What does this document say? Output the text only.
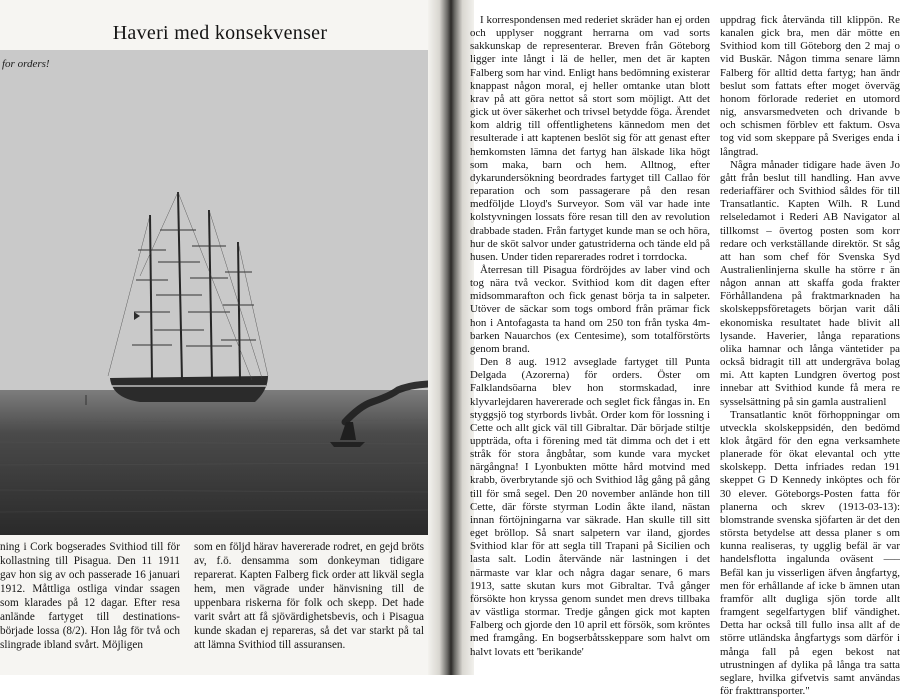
Haveri med konsekvenser
for orders!

ning i Cork bogserades Svithiod till för kollastning till Pisagua. Den 11 1911 gav hon sig av och passerade 16 januari 1912. Måttliga ostliga vindar ssagen som klarades på 12 dagar. Efter resa anlände fartyget till destinations- började lossa (8/2). Hon låg för två och slingrade ibland svårt. Möjligen

som en följd härav havererade rodret, en gejd bröts av, f.ö. densamma som donkeyman tidigare reparerat. Kapten Falberg fick order att likväl segla hem, men vägrade under hänvisning till de uppenbara riskerna för folk och skepp. Det hade varit svårt att få sjövärdighetsbevis, och i Pisagua kunde skadan ej repareras, så det var starkt på tal att lämna Svithiod till assuransen.

I korrespondensen med rederiet skräder han ej orden och upplyser noggrant herrarna om vad sorts sakkunskap de representerar. Breven från Göteborg ligger inte långt i lä de heller, men det är kapten Falberg som har vind. Enligt hans bedömning existerar knappast någon moral, ej heller omtanke utan blott krav på att göra nettot så stort som möjligt. Att det gick ut över säkerhet och trivsel betydde föga. Ärendet kom aldrig till offentlighetens kännedom men det resulterade i att kaptenen beslöt sig för att genast efter hemkomsten lämna det fartyg han älskade lika högt som maka, barn och hem. Alltnog, efter dykarundersökning beordrades fartyget till Callao för reparation och som passagerare på den resan medföljde Lloyd's Surveyor. Som väl var hade inte kolstyvningen lossats före resan till den av revolution drabbade staden. Från fartyget kunde man se och höra, hur de sköt salvor under gatustriderna och tände eld på husen. Under tiden reparerades rodret i torrdocka.

Återresan till Pisagua fördröjdes av laber vind och tog nära två veckor. Svithiod kom dit dagen efter midsommarafton och fick genast börja ta in salpeter. Utöver de säckar som togs ombord från prämar fick hon i Antofagasta ta hand om 250 ton från tyska 4m-barken Nauarchos (ex Centesime), som totalförstörts genom brand.

Den 8 aug. 1912 avseglade fartyget till Punta Delgada (Azorerna) för orders. Öster om Falklandsöarna blev hon stormskadad, inre klyvarlejdaren havererade och seglet fick fångas in. En styggsjö tog styrbords livbåt. Order kom för lossning i Cette och allt gick väl till Gibraltar. Där började stiltje uppträda, ofta i förening med tät dimma och det i ett stråk för stora ångbåtar, som kunde vara mycket närgångna! I Lyonbukten mötte hård motvind med krabb, överbrytande sjö och Svithiod låg gång på gång till för små segel. Den 20 november anlände hon till Cette, där förste styrman Lodin åkte iland, nästan innan förtöjningarna var säkrade. Han skulle till sitt eget bröllop. Så snart salpetern var iland, gjordes Svithiod klar för att segla till Trapani på Sicilien och lasta salt. Lodin återvände när lastningen i det närmaste var klar och några dagar senare, 6 mars 1913, satte skutan kurs mot Gibraltar. Två gånger försökte hon kryssa genom sundet men drevs tillbaka av västliga stormar. Tredje gången gick mot kapten Falberg och gjorde den 10 april ett försök, som kröntes med framgång. En bogserbåtsskeppare som halvt om halvt lovats ett 'berikande'

uppdrag fick återvända till klippön. Re kanalen gick bra, men där mötte en Svithiod kom till Göteborg den 2 maj o vid Buskär. Någon timma senare lämn Falberg för alltid detta fartyg; han ändr beslut som fattats efter moget överväg honom förlorade rederiet en utomord nig, ansvarsmedveten och drivande b och schismen förblev ett faktum. Osva tog vid som skeppare på Sveriges enda i långtrad.

Några månader tidigare hade även Jo gått från beslut till handling. Han avve rederiaffärer och Svithiod såldes för till Transatlantic. Kapten Wilh. R Lund relseledamot i Rederi AB Navigator al tillkomst – övertog posten som korr redare och verkställande direktör. St såg att han som chef för Svenska Syd Australienlinjerna skulle ha större r än någon annan att skaffa goda frakter Förhållandena på fraktmarknaden ha skolskeppsföretagets början varit dåli ekonomiska resultatet hade blivit all lysande. Haverier, långa reparations olika hamnar och långa väntetider pa också bidragit till att undergräva bolag mi. Att kapten Lundgren övertog post innebar att Svithiod kunde få mera re sysselsättning på sin gamla australienl

Transatlantic knöt förhoppningar om utveckla skolskeppsidén, den bedömd klok åtgärd för den egna verksamhete planerade för ökat elevantal och ytte skolskepp. Detta infriades redan 191 skeppet G D Kennedy inköptes och för 30 elever. Göteborgs-Posten fatta för planerna och skrev (1913-03-13): blomstrande svenska sjöfarten är det den största betydelse att dessa planer s om kunna realiseras, ty ugglig befäl är var handelsflotta ingalunda oväsent ––– Befäl kan ju visserligen äfven ångfartyg, men för erhållande af icke b ämnen utan framför allt dugliga sjön torde allt framgent segelfartygen blif vändighet. Detta har också till fullo insa allt af de större utländska ångfartygs som därför i många fall på egen bekost nat utrustningen af dylika på långa tra satta seglare, hvilka gifvetvis samt användas för frakttransporter."
